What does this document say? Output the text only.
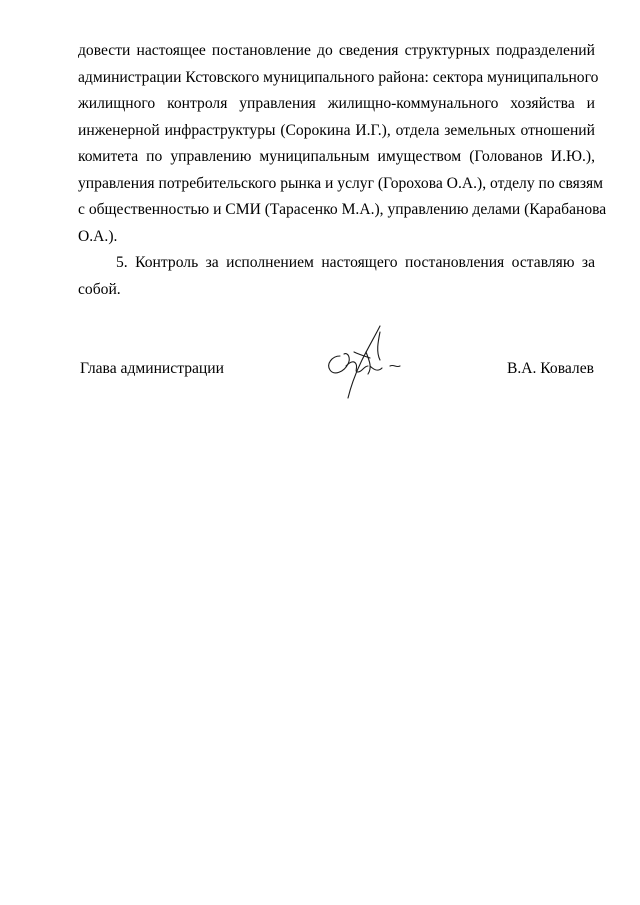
довести настоящее постановление до сведения структурных подразделений
администрации Кстовского муниципального района: сектора муниципального
жилищного контроля управления жилищно-коммунального хозяйства и
инженерной инфраструктуры (Сорокина И.Г.), отдела земельных отношений
комитета по управлению муниципальным имуществом (Голованов И.Ю.),
управления потребительского рынка и услуг (Горохова О.А.), отделу по связям
с общественностью и СМИ (Тарасенко М.А.), управлению делами (Карабанова
О.А.).
5. Контроль за исполнением настоящего постановления оставляю за
собой.
Глава администрации	В.А. Ковалев
